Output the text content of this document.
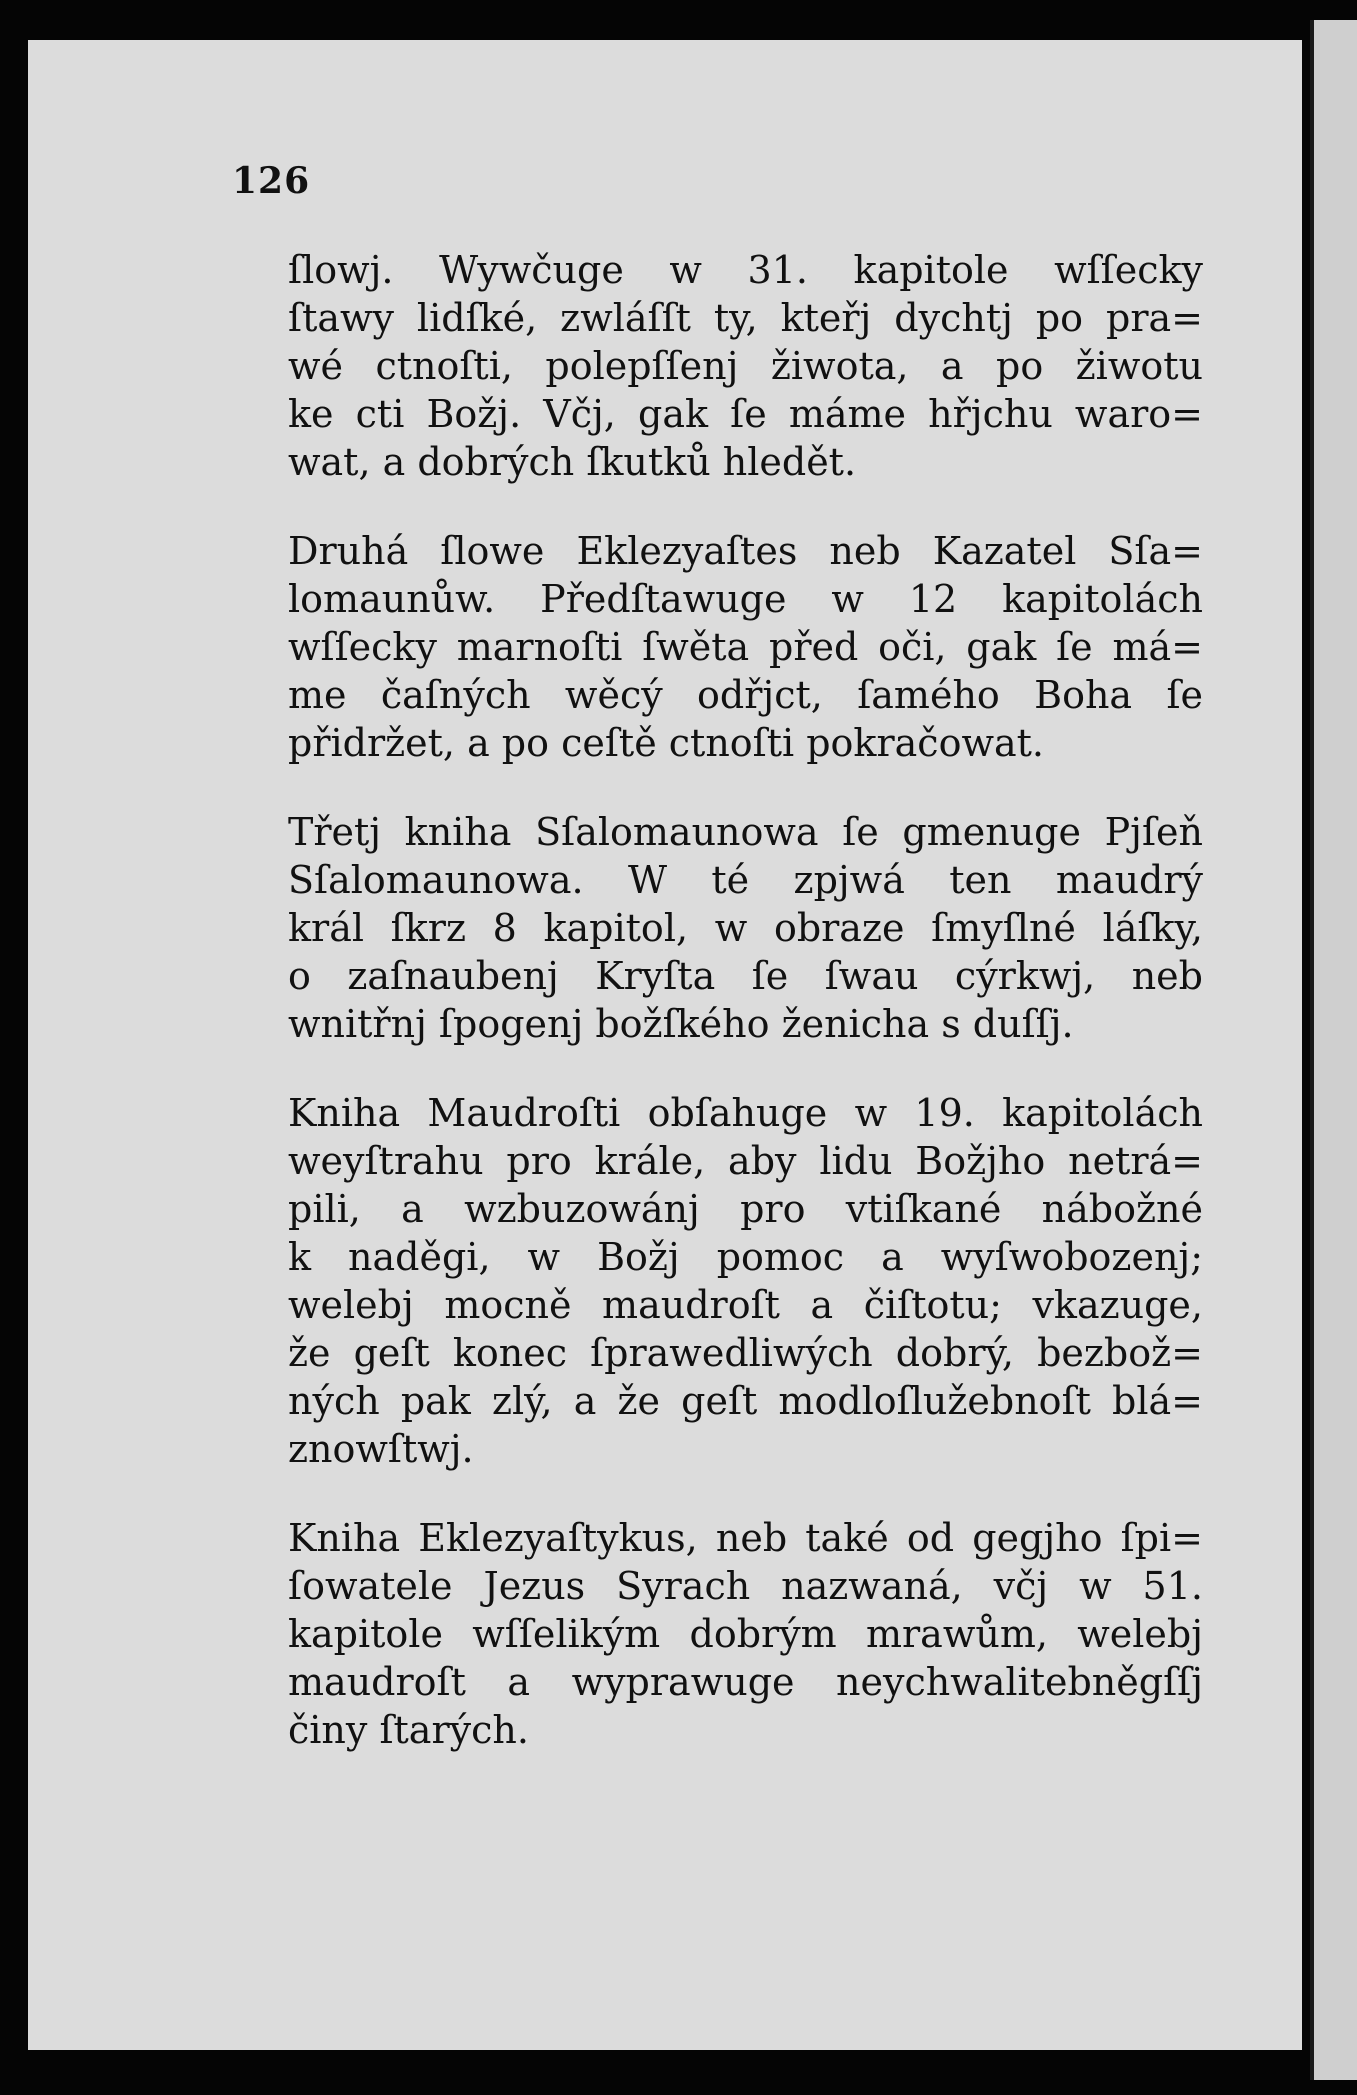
126
ſlowj. Wywčuge w 31. kapitole wſſecky
ſtawy lidſké, zwláſſt ty, kteřj dychtj po pra=
wé ctnoſti, polepſſenj žiwota, a po žiwotu
ke cti Božj. Včj, gak ſe máme hřjchu waro=
wat, a dobrých ſkutků hledět.
Druhá ſlowe Eklezyaſtes neb Kazatel Sſa=
lomaunůw. Předſtawuge w 12 kapitolách
wſſecky marnoſti ſwěta před oči, gak ſe má=
me čaſných wěcý odřjct, ſamého Boha ſe
přidržet, a po ceſtě ctnoſti pokračowat.
Třetj kniha Sſalomaunowa ſe gmenuge Pjſeň
Sſalomaunowa. W té zpjwá ten maudrý
král ſkrz 8 kapitol, w obraze ſmyſlné láſky,
o zaſnaubenj Kryſta ſe ſwau cýrkwj, neb
wnitřnj ſpogenj božſkého ženicha s duſſj.
Kniha Maudroſti obſahuge w 19. kapitolách
weyſtrahu pro krále, aby lidu Božjho netrá=
pili, a wzbuzowánj pro vtiſkané nábožné
k naděgi, w Božj pomoc a wyſwobozenj;
welebj mocně maudroſt a čiſtotu; vkazuge,
že geſt konec ſprawedliwých dobrý, bezbož=
ných pak zlý, a že geſt modloſlužebnoſt blá=
znowſtwj.
Kniha Eklezyaſtykus, neb také od gegjho ſpi=
ſowatele Jezus Syrach nazwaná, včj w 51.
kapitole wſſelikým dobrým mrawům, welebj
maudroſt a wyprawuge neychwalitebněgſſj
činy ſtarých.
